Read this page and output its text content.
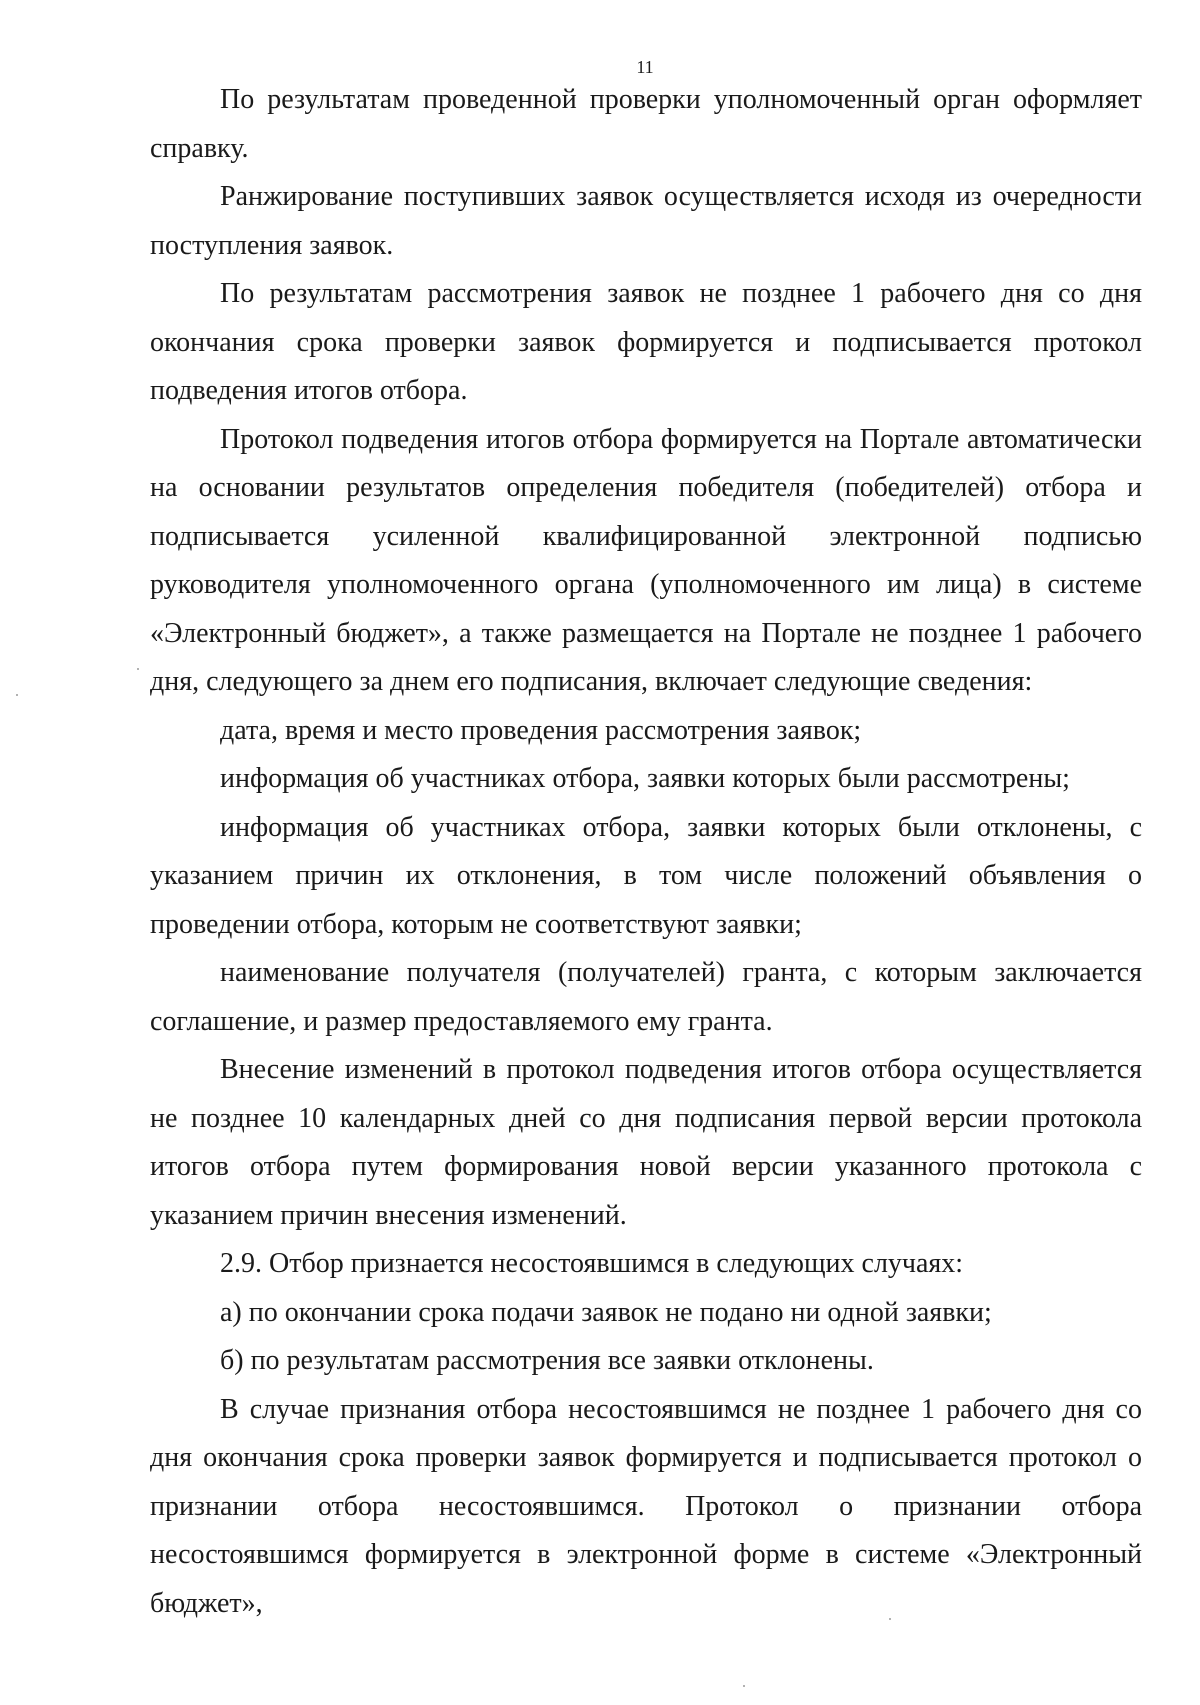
11

По результатам проведенной проверки уполномоченный орган оформляет справку.

Ранжирование поступивших заявок осуществляется исходя из очередности поступления заявок.

По результатам рассмотрения заявок не позднее 1 рабочего дня со дня окончания срока проверки заявок формируется и подписывается протокол подведения итогов отбора.

Протокол подведения итогов отбора формируется на Портале автоматически на основании результатов определения победителя (победителей) отбора и подписывается усиленной квалифицированной электронной подписью руководителя уполномоченного органа (уполномоченного им лица) в системе «Электронный бюджет», а также размещается на Портале не позднее 1 рабочего дня, следующего за днем его подписания, включает следующие сведения:

дата, время и место проведения рассмотрения заявок;

информация об участниках отбора, заявки которых были рассмотрены;

информация об участниках отбора, заявки которых были отклонены, с указанием причин их отклонения, в том числе положений объявления о проведении отбора, которым не соответствуют заявки;

наименование получателя (получателей) гранта, с которым заключается соглашение, и размер предоставляемого ему гранта.

Внесение изменений в протокол подведения итогов отбора осуществляется не позднее 10 календарных дней со дня подписания первой версии протокола итогов отбора путем формирования новой версии указанного протокола с указанием причин внесения изменений.

2.9. Отбор признается несостоявшимся в следующих случаях:

а) по окончании срока подачи заявок не подано ни одной заявки;

б) по результатам рассмотрения все заявки отклонены.

В случае признания отбора несостоявшимся не позднее 1 рабочего дня со дня окончания срока проверки заявок формируется и подписывается протокол о признании отбора несостоявшимся. Протокол о признании отбора несостоявшимся формируется в электронной форме в системе «Электронный бюджет»,
